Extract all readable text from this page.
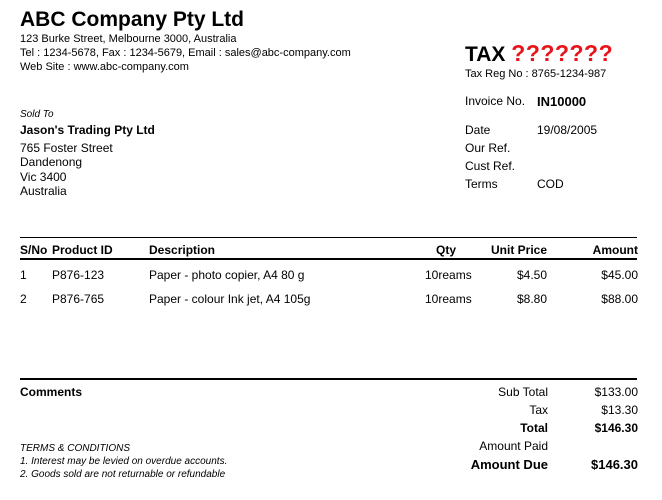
ABC Company Pty Ltd
123 Burke Street, Melbourne 3000, Australia
Tel : 1234-5678, Fax : 1234-5679, Email : sales@abc-company.com
Web Site : www.abc-company.com
TAX ???????
Tax Reg No : 8765-1234-987
Invoice No. IN10000
Date	19/08/2005
Our Ref.
Cust Ref.
Terms	COD
Sold To
Jason's Trading Pty Ltd
765 Foster Street
Dandenong
Vic 3400
Australia
S/No Product ID	Description	Qty	Unit Price	Amount
1 P876-123	Paper - photo copier, A4 80 g	10reams	$4.50	$45.00
2 P876-765	Paper - colour Ink jet, A4 105g	10reams	$8.80	$88.00
Comments	Sub Total	$133.00
Tax	$13.30
Total	$146.30
Amount Paid
Amount Due	$146.30
TERMS & CONDITIONS
1. Interest may be levied on overdue accounts.
2. Goods sold are not returnable or refundable
